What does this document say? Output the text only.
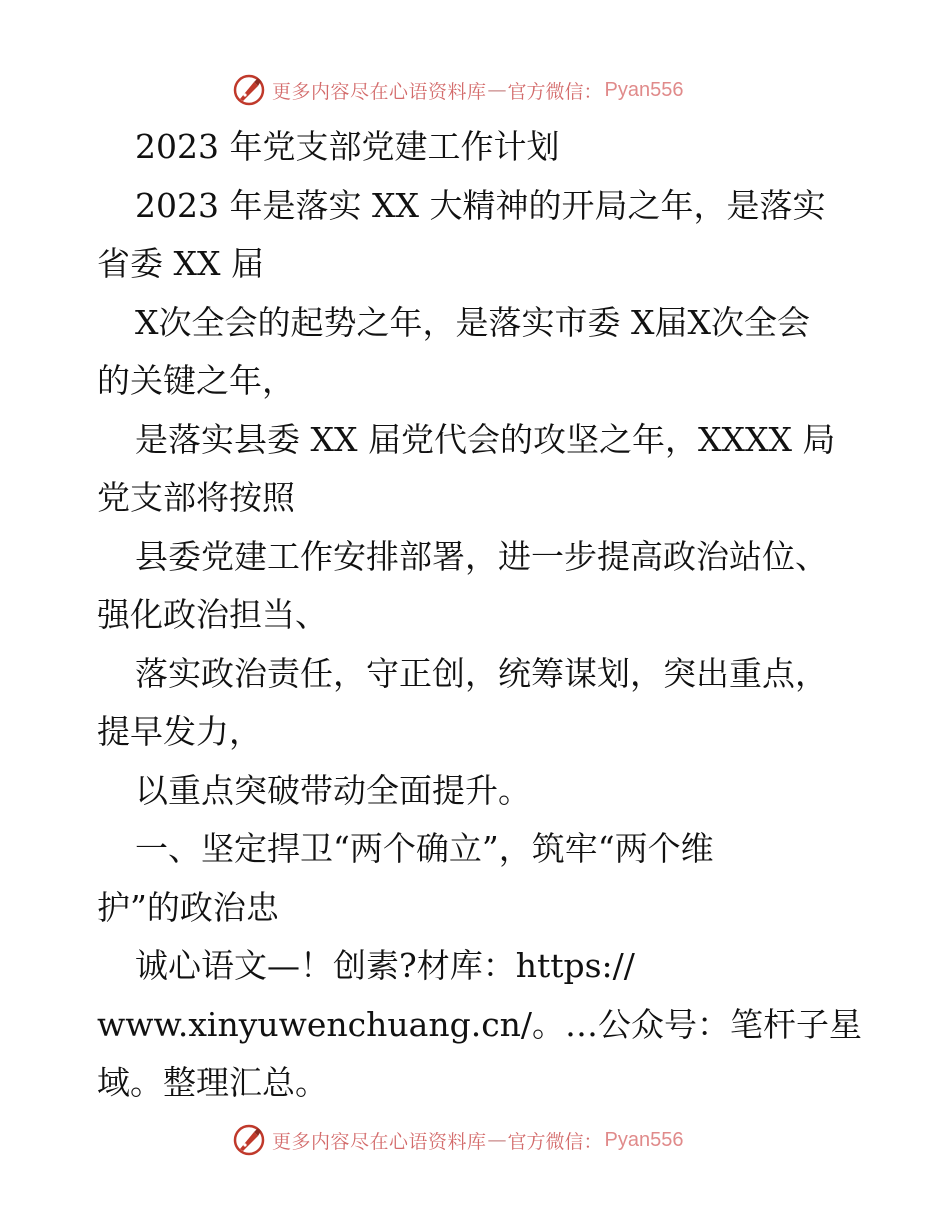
更多内容尽在心语资料库 — 官方微信： Pyan556

2023 年党支部党建工作计划

2023 年是落实 XX 大精神的开局之年，是落实

省委 XX 届

X次全会的起势之年，是落实市委 X届X次全会

的关键之年，

是落实县委 XX 届党代会的攻坚之年，XXXX 局

党支部将按照

县委党建工作安排部署，进一步提高政治站位、

强化政治担当、

落实政治责任，守正创，统筹谋划，突出重点，

提早发力，

以重点突破带动全面提升。

一、坚定捍卫“两个确立”，筑牢“两个维

护”的政治忠

诚心语文—！创素?材库：https://

www.xinyuwenchuang.cn/。…公众号：笔杆子星

域。整理汇总。

更多内容尽在心语资料库 — 官方微信： Pyan556
